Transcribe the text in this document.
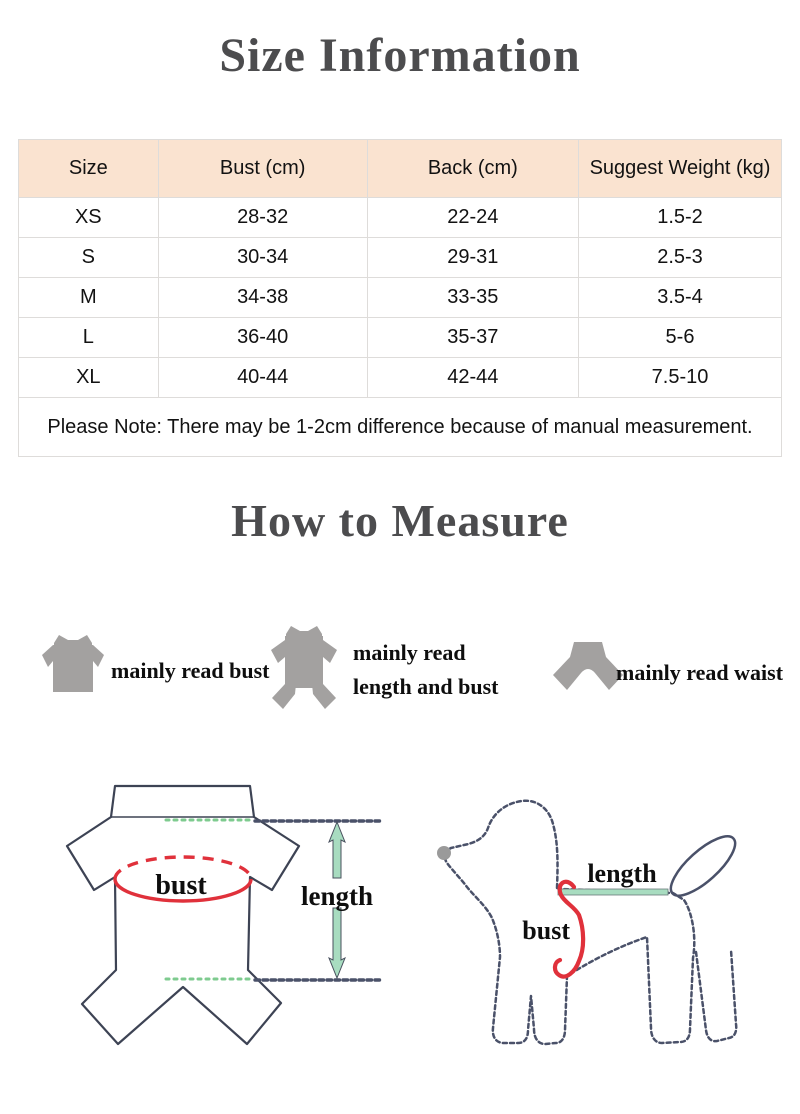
Size Information
Size	Bust (cm)	Back (cm)	Suggest Weight (kg)
XS	28-32	22-24	1.5-2
S	30-34	29-31	2.5-3
M	34-38	33-35	3.5-4
L	36-40	35-37	5-6
XL	40-44	42-44	7.5-10
Please Note: There may be 1-2cm difference because of manual measurement.			
How to Measure
mainly read bust
mainly read
length and bust
mainly read waist
bust	length
length
bust
